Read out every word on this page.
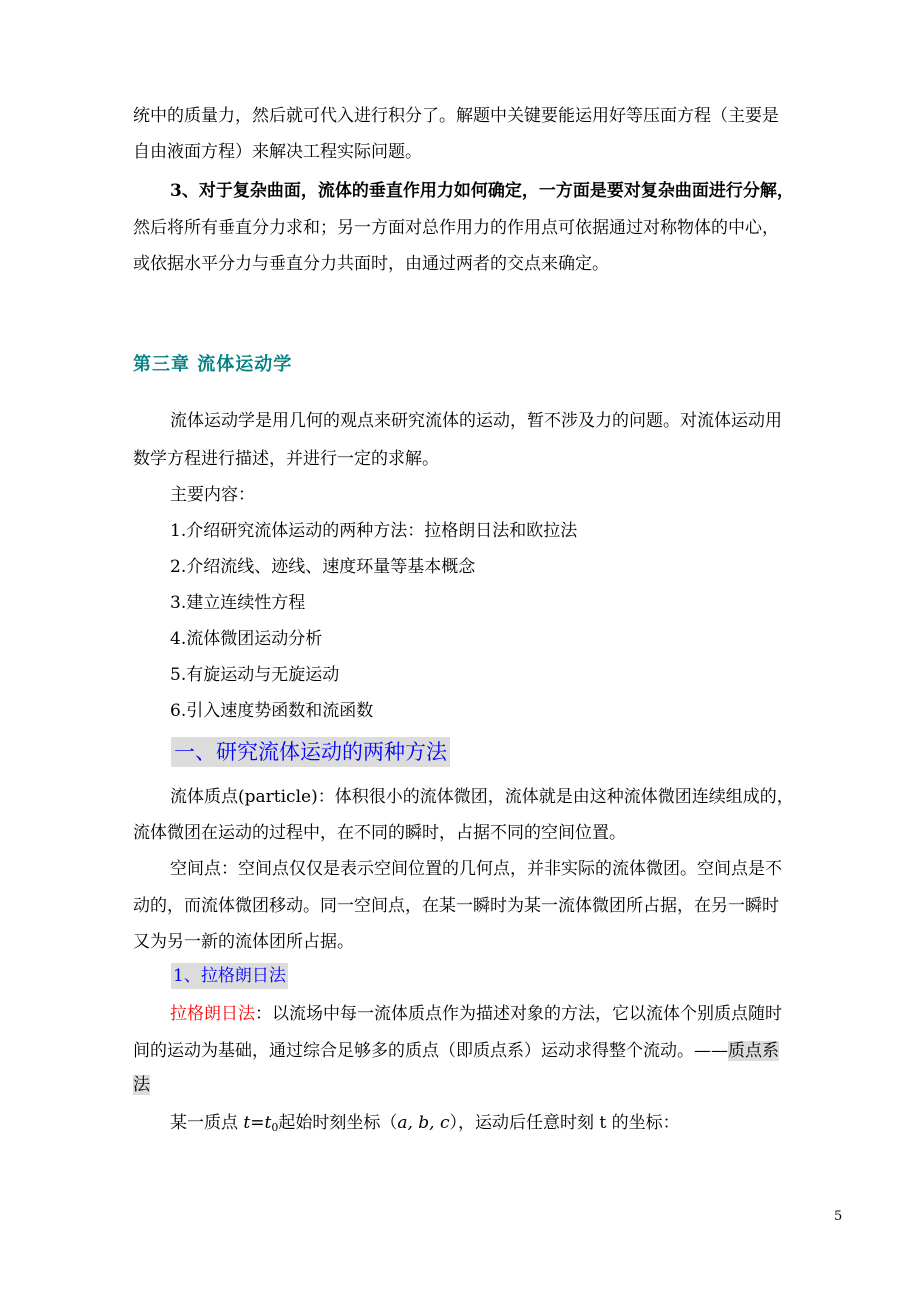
统中的质量力，然后就可代入进行积分了。解题中关键要能运用好等压面方程（主要是
自由液面方程）来解决工程实际问题。
3、对于复杂曲面，流体的垂直作用力如何确定，一方面是要对复杂曲面进行分解，
然后将所有垂直分力求和；另一方面对总作用力的作用点可依据通过对称物体的中心，
或依据水平分力与垂直分力共面时，由通过两者的交点来确定。
第三章 流体运动学
流体运动学是用几何的观点来研究流体的运动，暂不涉及力的问题。对流体运动用
数学方程进行描述，并进行一定的求解。
主要内容：
1.介绍研究流体运动的两种方法：拉格朗日法和欧拉法
2.介绍流线、迹线、速度环量等基本概念
3.建立连续性方程
4.流体微团运动分析
5.有旋运动与无旋运动
6.引入速度势函数和流函数
一、研究流体运动的两种方法
流体质点(particle)：体积很小的流体微团，流体就是由这种流体微团连续组成的，
流体微团在运动的过程中，在不同的瞬时，占据不同的空间位置。
空间点：空间点仅仅是表示空间位置的几何点，并非实际的流体微团。空间点是不
动的，而流体微团移动。同一空间点，在某一瞬时为某一流体微团所占据，在另一瞬时
又为另一新的流体团所占据。
1、拉格朗日法
拉格朗日法：以流场中每一流体质点作为描述对象的方法，它以流体个别质点随时
间的运动为基础，通过综合足够多的质点（即质点系）运动求得整个流动。——质点系
法
某一质点 $t=t_0$起始时刻坐标（a, b, c），运动后任意时刻 t 的坐标：
5
